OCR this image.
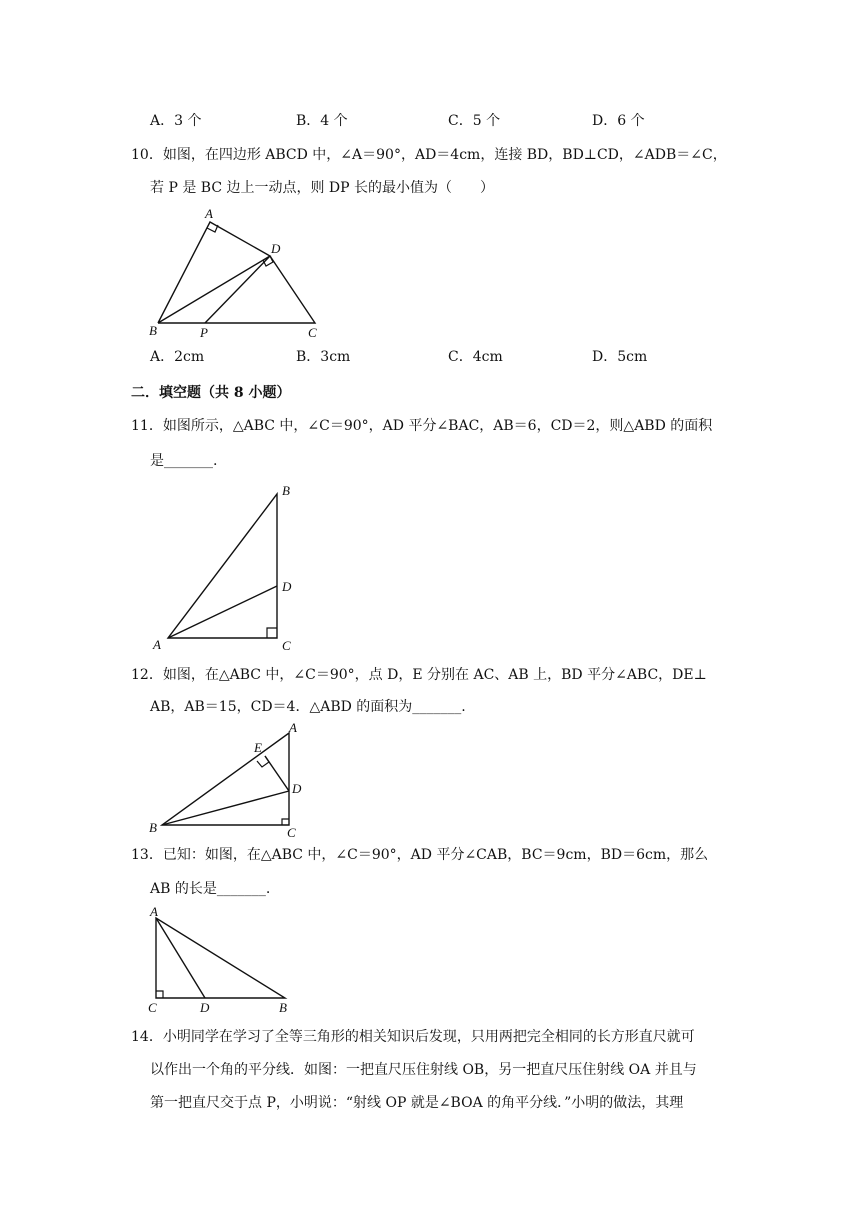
A．3 个	B．4 个	C．5 个	D．6 个
10．如图，在四边形 ABCD 中，∠A＝90°，AD＝4cm，连接 BD，BD⊥CD，∠ADB＝∠C，
若 P 是 BC 边上一动点，则 DP 长的最小值为（　　）
A
D
B	P	C
A．2cm	B．3cm	C．4cm	D．5cm
二．填空题（共 8 小题）
11．如图所示，△ABC 中，∠C＝90°，AD 平分∠BAC，AB＝6，CD＝2，则△ABD 的面积
是_______.
B
D
A	C
12．如图，在△ABC 中，∠C＝90°，点 D，E 分别在 AC、AB 上，BD 平分∠ABC，DE⊥
AB，AB＝15，CD＝4．△ABD 的面积为_______.
E
A
D
B	C
13．已知：如图，在△ABC 中，∠C＝90°，AD 平分∠CAB，BC＝9cm，BD＝6cm，那么
AB 的长是_______.
A
C	D	B
14．小明同学在学习了全等三角形的相关知识后发现，只用两把完全相同的长方形直尺就可
以作出一个角的平分线．如图：一把直尺压住射线 OB，另一把直尺压住射线 OA 并且与
第一把直尺交于点 P，小明说：“射线 OP 就是∠BOA 的角平分线．”小明的做法，其理
